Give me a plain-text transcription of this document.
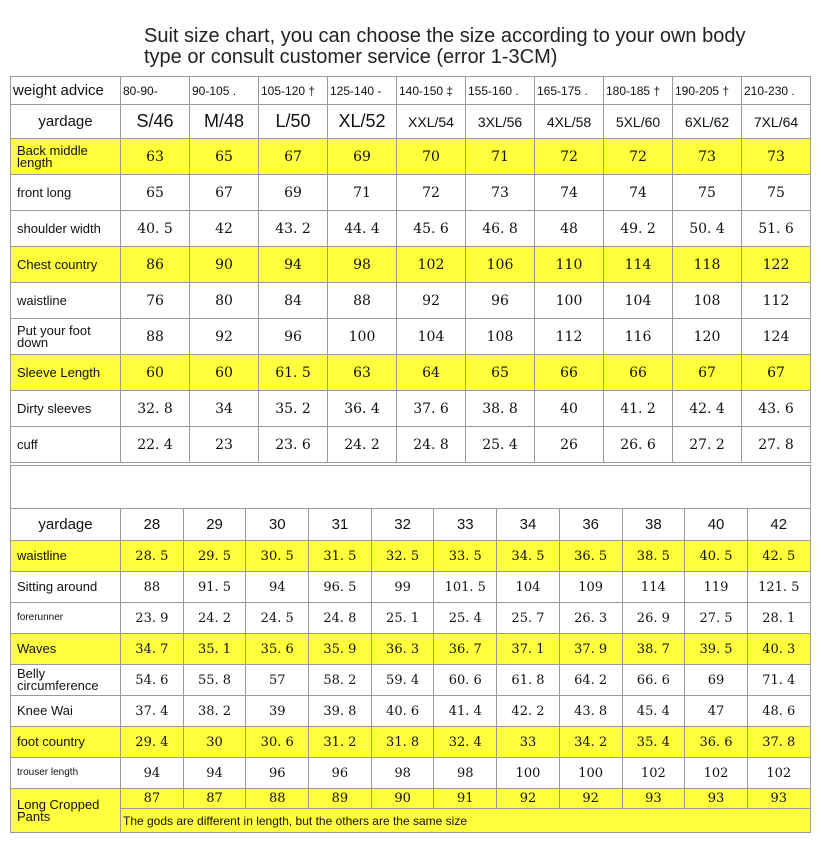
Suit size chart, you can choose the size according to your own body type or consult customer service (error 1-3CM)
weight advice	80-90-	90-105 .	105-120 †	125-140 -	140-150 ‡	155-160 .	165-175 .	180-185 †	190-205 †	210-230 .
yardage	S/46	M/48	L/50	XL/52	XXL/54	3XL/56	4XL/58	5XL/60	6XL/62	7XL/64
Back middle length	63	65	67	69	70	71	72	72	73	73
front long	65	67	69	71	72	73	74	74	75	75
shoulder width	40. 5	42	43. 2	44. 4	45. 6	46. 8	48	49. 2	50. 4	51. 6
Chest country	86	90	94	98	102	106	110	114	118	122
waistline	76	80	84	88	92	96	100	104	108	112
Put your foot down	88	92	96	100	104	108	112	116	120	124
Sleeve Length	60	60	61. 5	63	64	65	66	66	67	67
Dirty sleeves	32. 8	34	35. 2	36. 4	37. 6	38. 8	40	41. 2	42. 4	43. 6
cuff	22. 4	23	23. 6	24. 2	24. 8	25. 4	26	26. 6	27. 2	27. 8

yardage	28	29	30	31	32	33	34	36	38	40	42
waistline	28. 5	29. 5	30. 5	31. 5	32. 5	33. 5	34. 5	36. 5	38. 5	40. 5	42. 5
Sitting around	88	91. 5	94	96. 5	99	101. 5	104	109	114	119	121. 5
forerunner	23. 9	24. 2	24. 5	24. 8	25. 1	25. 4	25. 7	26. 3	26. 9	27. 5	28. 1
Waves	34. 7	35. 1	35. 6	35. 9	36. 3	36. 7	37. 1	37. 9	38. 7	39. 5	40. 3
Belly circumference	54. 6	55. 8	57	58. 2	59. 4	60. 6	61. 8	64. 2	66. 6	69	71. 4
Knee Wai	37. 4	38. 2	39	39. 8	40. 6	41. 4	42. 2	43. 8	45. 4	47	48. 6
foot country	29. 4	30	30. 6	31. 2	31. 8	32. 4	33	34. 2	35. 4	36. 6	37. 8
trouser length	94	94	96	96	98	98	100	100	102	102	102
Long Cropped Pants	87	87	88	89	90	91	92	92	93	93	93
	The gods are different in length, but the others are the same size										
